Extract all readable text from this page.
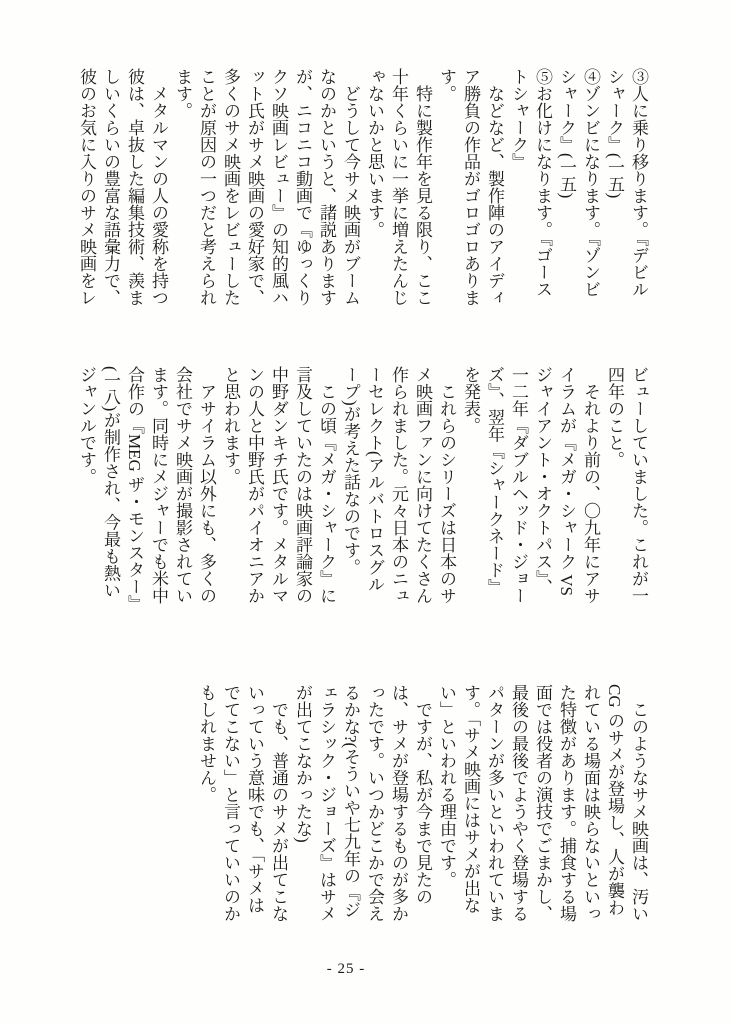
③人に乗り移ります。『デビルシャーク』(一五)

④ゾンビになります。『ゾンビシャーク』(一五)

⑤お化けになります。『ゴーストシャーク』

などなど、製作陣のアイディア勝負の作品がゴロゴロあります。

特に製作年を見る限り、ここ十年くらいに一挙に増えたんじゃないかと思います。

どうして今サメ映画がブームなのかというと、諸説ありますが、ニコニコ動画で『ゆっくりクソ映画レビュー』の知的風ハット氏がサメ映画の愛好家で、多くのサメ映画をレビューしたことが原因の一つだと考えられます。

メタルマンの人の愛称を持つ彼は、卓抜した編集技術、羨ましいくらいの豊富な語彙力で、彼のお気に入りのサメ映画をレ

ビューしていました。これが一四年のこと。

それより前の、〇九年にアサイラムが『メガ・シャーク VS ジャイアント・オクトパス』、一二年『ダブルヘッド・ジョーズ』、翌年『シャークネード』を発表。

これらのシリーズは日本のサメ映画ファンに向けてたくさん作られました。元々日本のニューセレクト(アルバトロスグループ)が考えた話なのです。

この頃『メガ・シャーク』に言及していたのは映画評論家の中野ダンキチ氏です。メタルマンの人と中野氏がパイオニアかと思われます。

アサイラム以外にも、多くの会社でサメ映画が撮影されています。同時にメジャーでも米中合作の『MEG ザ・モンスター』(一八)が制作され、今最も熱いジャンルです。

このようなサメ映画は、汚いCG のサメが登場し、人が襲われている場面は映らないといった特徴があります。捕食する場面では役者の演技でごまかし、最後の最後でようやく登場するパターンが多いといわれています。「サメ映画にはサメが出ない」といわれる理由です。

ですが、私が今まで見たのは、サメが登場するものが多かったです。いつかどこかで会えるかな?(そういや七九年の『ジェラシック・ジョーズ』はサメが出てこなかったな)

でも、普通のサメが出てこないっていう意味でも、「サメはでてこない」と言っていいのかもしれません。

- 25 -
